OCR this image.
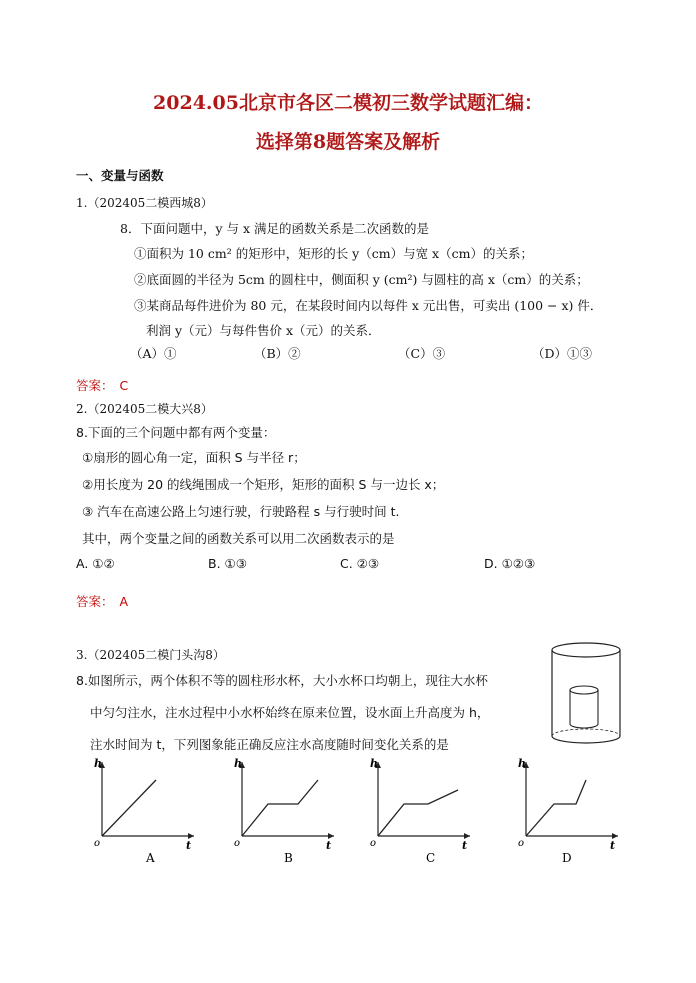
2024.05北京市各区二模初三数学试题汇编：
选择第8题答案及解析
一、变量与函数
1.（202405二模西城8）
8．下面问题中，y 与 x 满足的函数关系是二次函数的是
①面积为 10 cm² 的矩形中，矩形的长 y（cm）与宽 x（cm）的关系；
②底面圆的半径为 5cm 的圆柱中，侧面积 y (cm²) 与圆柱的高 x（cm）的关系；
③某商品每件进价为 80 元，在某段时间内以每件 x 元出售，可卖出 (100 − x) 件．
利润 y（元）与每件售价 x（元）的关系．
（A）①	（B）②	（C）③	（D）①③
答案： C
2.（202405二模大兴8）
8.下面的三个问题中都有两个变量：
①扇形的圆心角一定，面积 S 与半径 r；
②用长度为 20 的线绳围成一个矩形，矩形的面积 S 与一边长 x；
③ 汽车在高速公路上匀速行驶，行驶路程 s 与行驶时间 t.
其中，两个变量之间的函数关系可以用二次函数表示的是
A. ①②	B. ①③	C. ②③	D. ①②③
答案： A
3.（202405二模门头沟8）
8.如图所示，两个体积不等的圆柱形水杯，大小水杯口均朝上，现往大水杯
中匀匀注水，注水过程中小水杯始终在原来位置，设水面上升高度为 h，
注水时间为 t，下列图象能正确反应注水高度随时间变化关系的是
h
t
o
A
h
t
o
B
h
t
o
C
h
t
o
D
